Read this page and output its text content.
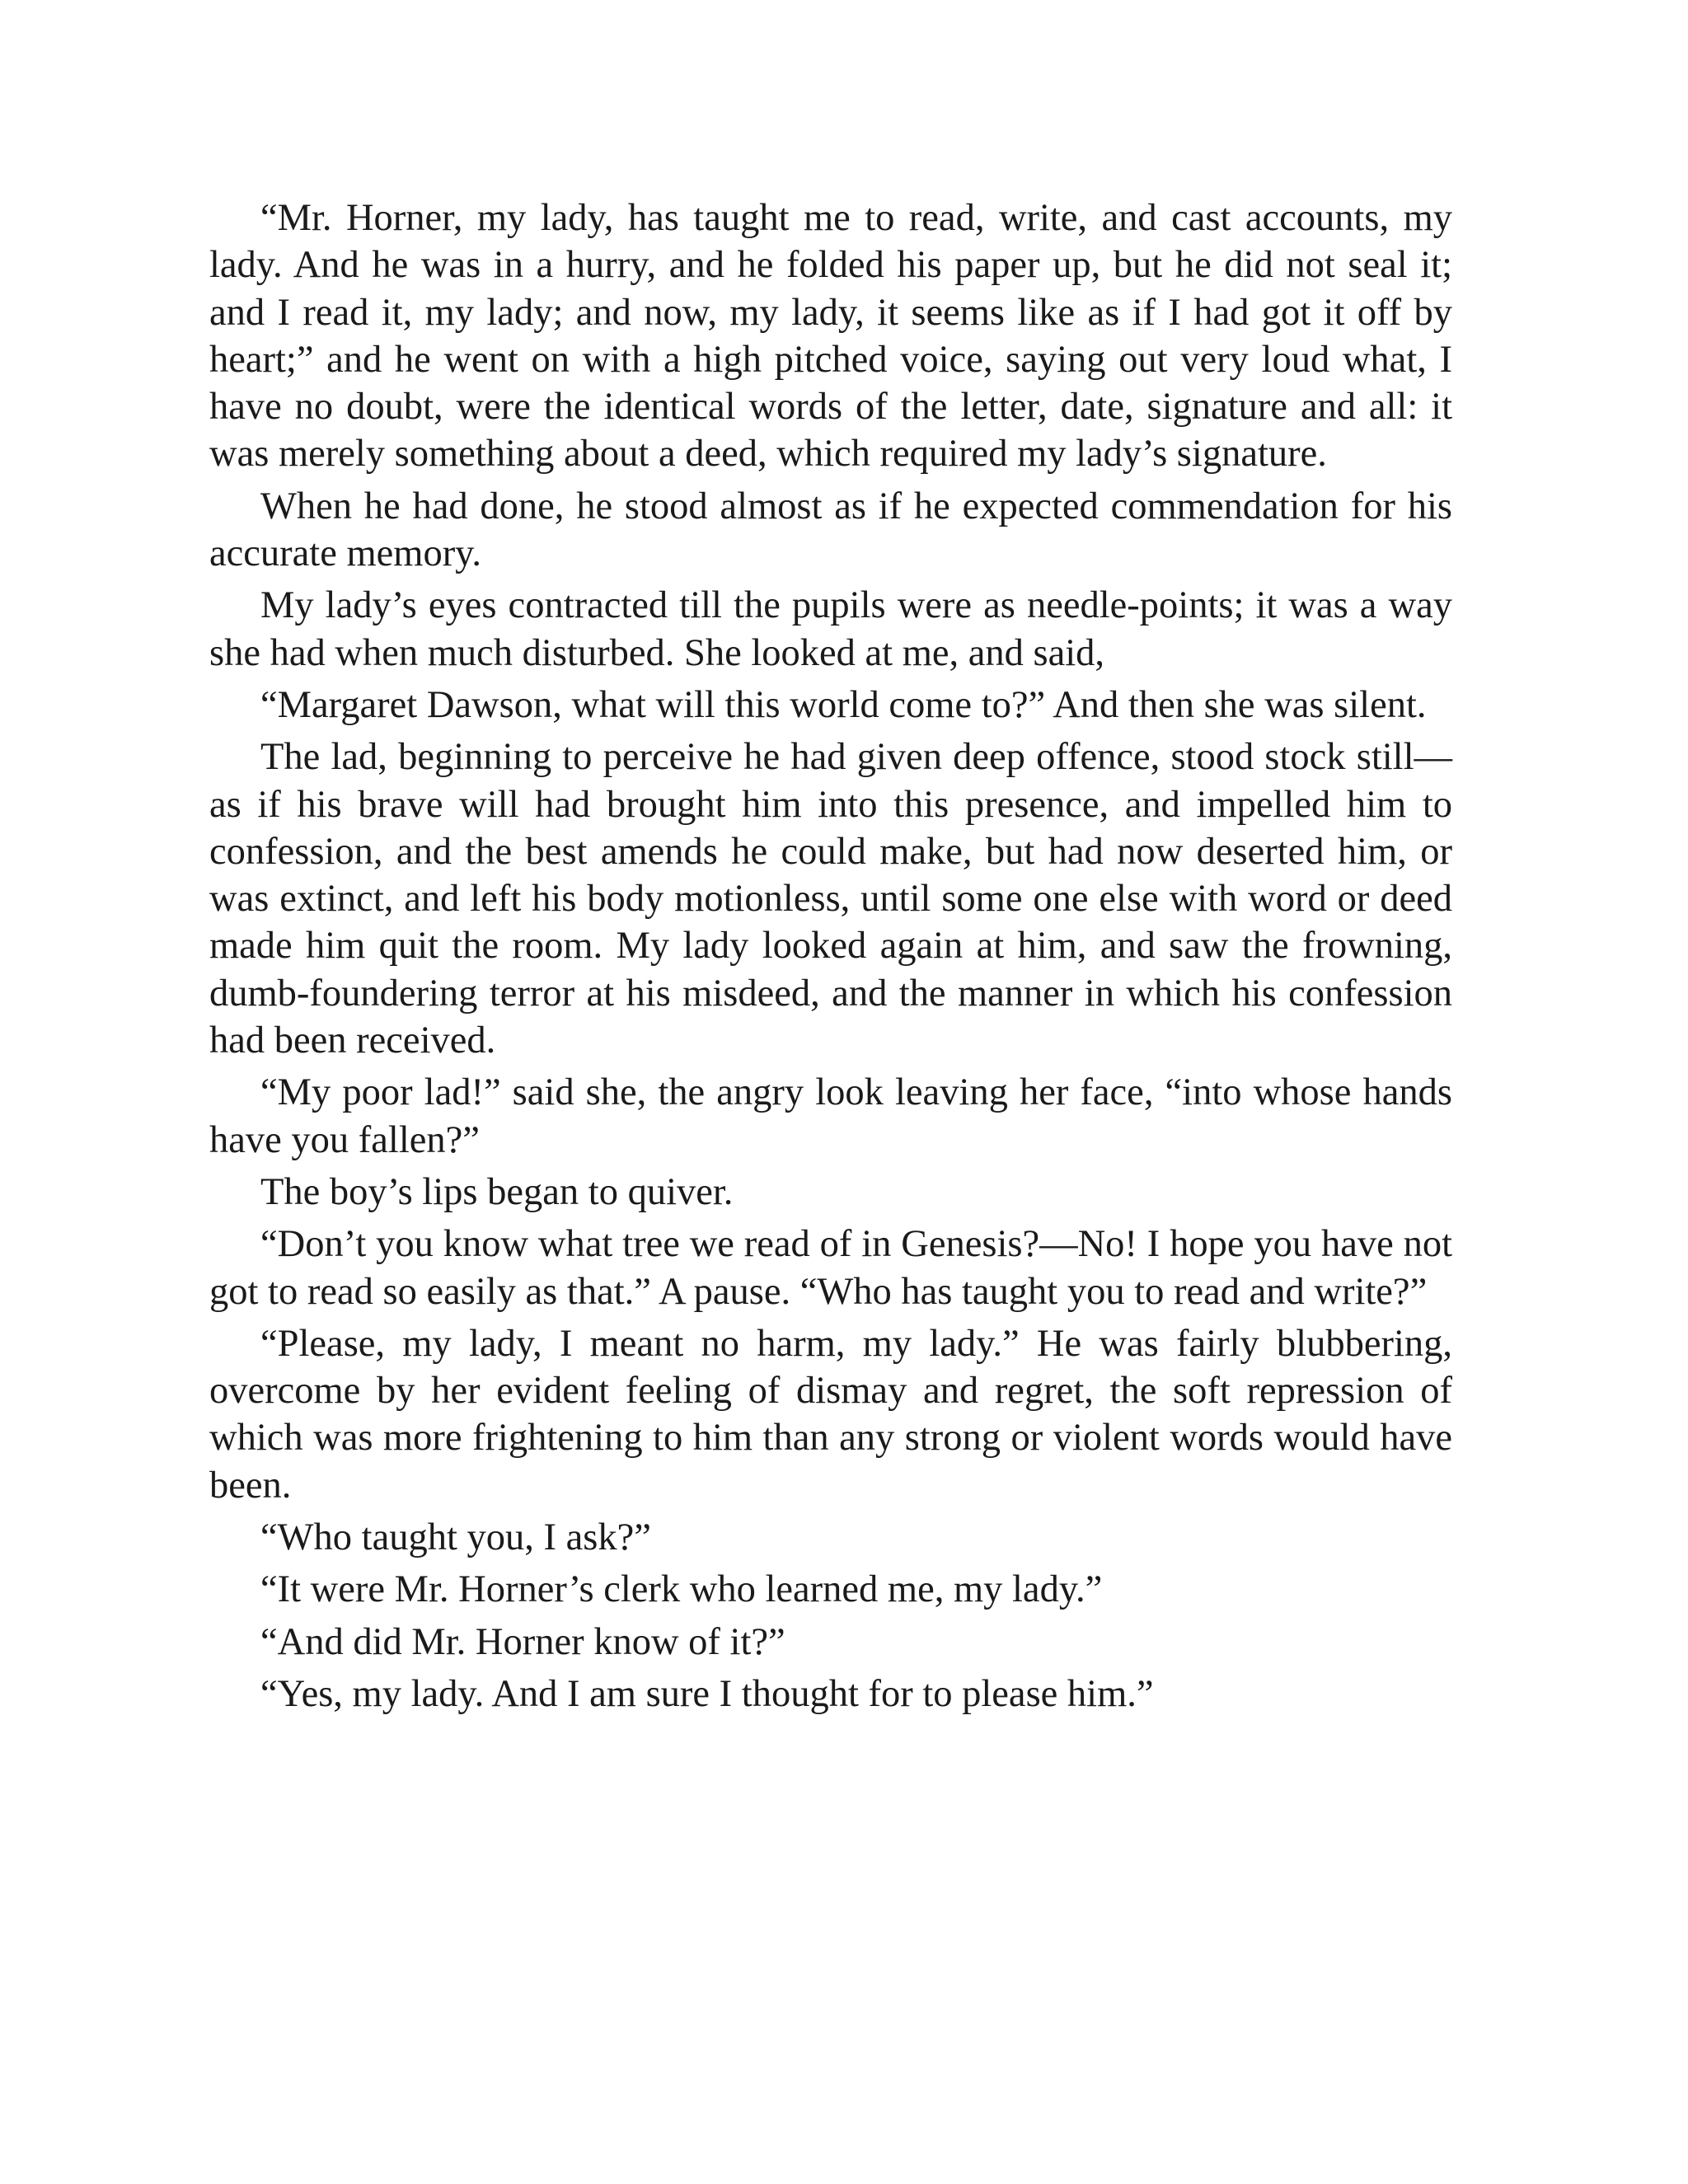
“Mr. Horner, my lady, has taught me to read, write, and cast accounts, my lady. And he was in a hurry, and he folded his paper up, but he did not seal it; and I read it, my lady; and now, my lady, it seems like as if I had got it off by heart;” and he went on with a high pitched voice, saying out very loud what, I have no doubt, were the identical words of the letter, date, signature and all: it was merely something about a deed, which required my lady’s signature.

When he had done, he stood almost as if he expected commendation for his accurate memory.

My lady’s eyes contracted till the pupils were as needle-points; it was a way she had when much disturbed. She looked at me, and said,

“Margaret Dawson, what will this world come to?” And then she was silent.

The lad, beginning to perceive he had given deep offence, stood stock still—as if his brave will had brought him into this presence, and impelled him to confession, and the best amends he could make, but had now deserted him, or was extinct, and left his body motionless, until some one else with word or deed made him quit the room. My lady looked again at him, and saw the frowning, dumb-foundering terror at his misdeed, and the manner in which his confession had been received.

“My poor lad!” said she, the angry look leaving her face, “into whose hands have you fallen?”

The boy’s lips began to quiver.

“Don’t you know what tree we read of in Genesis?—No! I hope you have not got to read so easily as that.” A pause. “Who has taught you to read and write?”

“Please, my lady, I meant no harm, my lady.” He was fairly blubbering, overcome by her evident feeling of dismay and regret, the soft repression of which was more frightening to him than any strong or violent words would have been.

“Who taught you, I ask?”

“It were Mr. Horner’s clerk who learned me, my lady.”

“And did Mr. Horner know of it?”

“Yes, my lady. And I am sure I thought for to please him.”
